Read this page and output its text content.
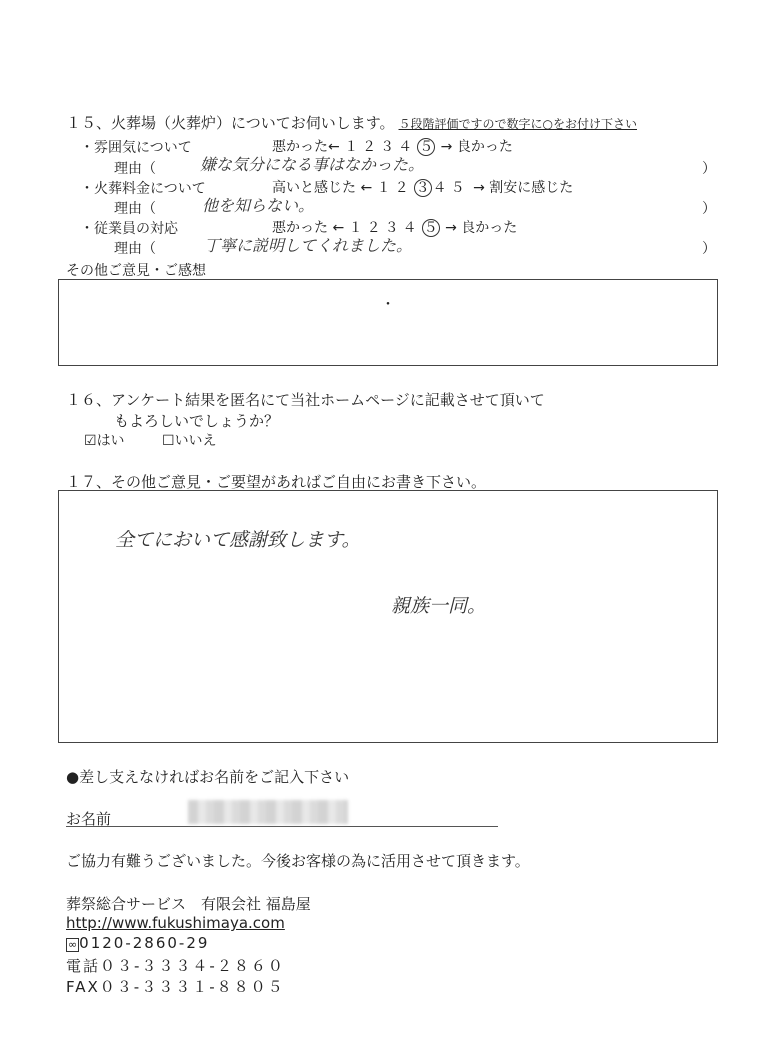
１５、火葬場（火葬炉）についてお伺いします。 ５段階評価ですので数字に○をお付け下さい
・雰囲気について	悪かった← １２３４ ５ → 良かった
理由（	嫌な気分になる事はなかった。	）
・火葬料金について	高いと感じた ← １２ ３ ４５ → 割安に感じた
理由（	他を知らない。	）
・従業員の対応	悪かった ← １２３４ ５ → 良かった
理由（	丁寧に説明してくれました。	）
その他ご意見・ご感想
・
１６、アンケート結果を匿名にて当社ホームページに記載させて頂いて
もよろしいでしょうか？
☑はい	☐いいえ
１７、その他ご意見・ご要望があればご自由にお書き下さい。
全てにおいて感謝致します。
親族一同。
●差し支えなければお名前をご記入下さい
お名前
ご協力有難うございました。今後お客様の為に活用させて頂きます。
葬祭総合サービス　有限会社 福島屋
http://www.fukushimaya.com
∞ 0120-2860-29
電話０３-３３３４-２８６０
FAX０３-３３３１-８８０５
